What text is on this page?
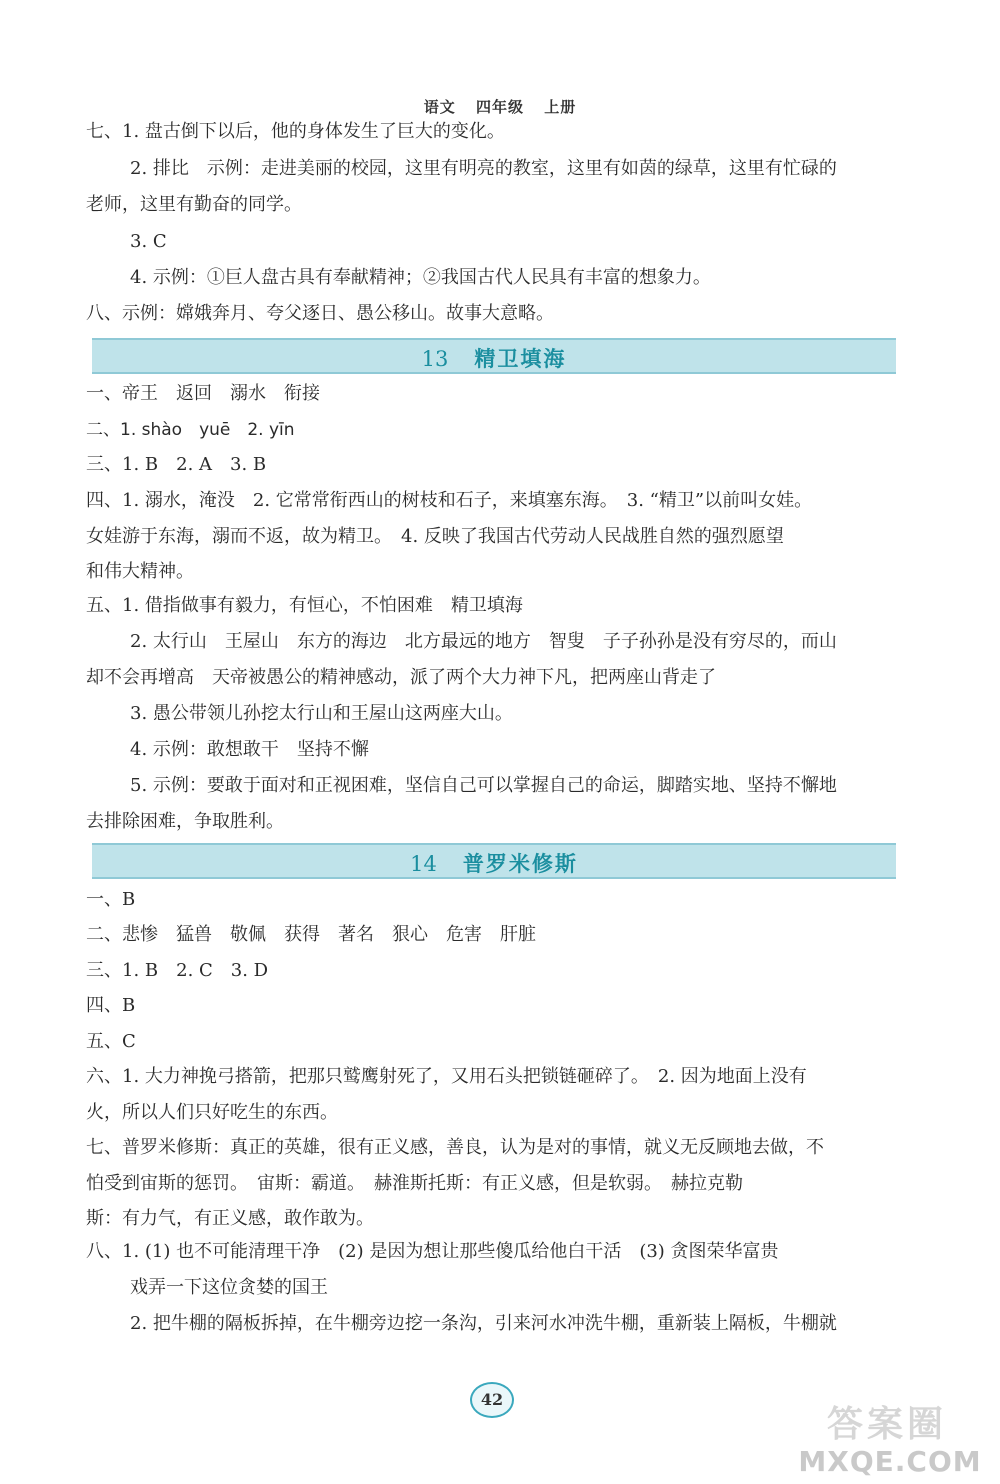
语文 四年级 上册
七、1. 盘古倒下以后，他的身体发生了巨大的变化。
2. 排比　示例：走进美丽的校园，这里有明亮的教室，这里有如茵的绿草，这里有忙碌的
老师，这里有勤奋的同学。
3. C
4. 示例：①巨人盘古具有奉献精神；②我国古代人民具有丰富的想象力。
八、示例：嫦娥奔月、夸父逐日、愚公移山。故事大意略。
13 精卫填海
一、帝王　返回　溺水　衔接
二、1. shào　yuē　2. yīn
三、1. B　2. A　3. B
四、1. 溺水，淹没　2. 它常常衔西山的树枝和石子，来填塞东海。　3. “精卫”以前叫女娃。
女娃游于东海，溺而不返，故为精卫。　4. 反映了我国古代劳动人民战胜自然的强烈愿望
和伟大精神。
五、1. 借指做事有毅力，有恒心，不怕困难　精卫填海
2. 太行山　王屋山　东方的海边　北方最远的地方　智叟　子子孙孙是没有穷尽的，而山
却不会再增高　天帝被愚公的精神感动，派了两个大力神下凡，把两座山背走了
3. 愚公带领儿孙挖太行山和王屋山这两座大山。
4. 示例：敢想敢干　坚持不懈
5. 示例：要敢于面对和正视困难，坚信自己可以掌握自己的命运，脚踏实地、坚持不懈地
去排除困难，争取胜利。
14 普罗米修斯
一、B
二、悲惨　猛兽　敬佩　获得　著名　狠心　危害　肝脏
三、1. B　2. C　3. D
四、B
五、C
六、1. 大力神挽弓搭箭，把那只鹫鹰射死了，又用石头把锁链砸碎了。　2. 因为地面上没有
火，所以人们只好吃生的东西。
七、普罗米修斯：真正的英雄，很有正义感，善良，认为是对的事情，就义无反顾地去做，不
怕受到宙斯的惩罚。　宙斯：霸道。　赫淮斯托斯：有正义感，但是软弱。　赫拉克勒
斯：有力气，有正义感，敢作敢为。
八、1. (1) 也不可能清理干净　(2) 是因为想让那些傻瓜给他白干活　(3) 贪图荣华富贵
戏弄一下这位贪婪的国王
2. 把牛棚的隔板拆掉，在牛棚旁边挖一条沟，引来河水冲洗牛棚，重新装上隔板，牛棚就
42
答案圈
MXQE.COM
